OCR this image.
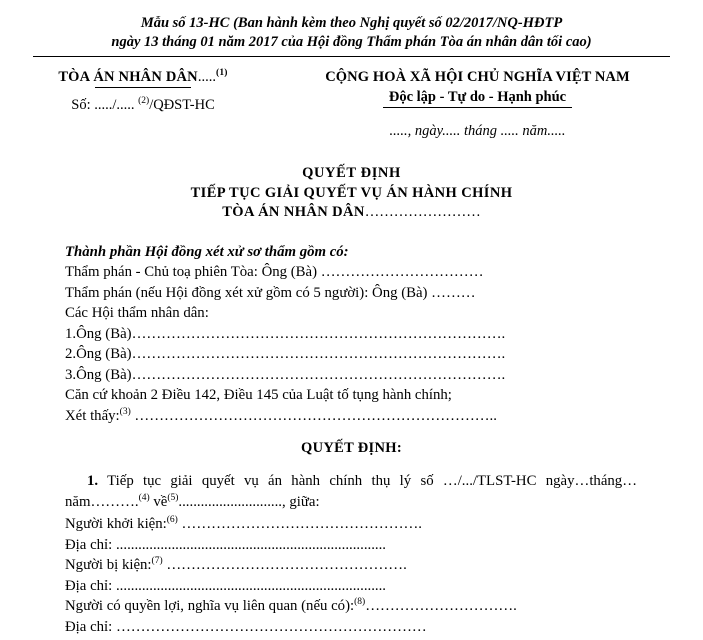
Mẫu số 13-HC (Ban hành kèm theo Nghị quyết số 02/2017/NQ-HĐTP
ngày 13 tháng 01 năm 2017 của Hội đồng Thẩm phán Tòa án nhân dân tối cao)
TÒA ÁN NHÂN DÂN.....$^{(1)}$
Số: ...../..... $^{(2)}$/QĐST-HC
CỘNG HOÀ XÃ HỘI CHỦ NGHĨA VIỆT NAM
Độc lập - Tự do - Hạnh phúc
....., ngày..... tháng ..... năm.....
QUYẾT ĐỊNH
TIẾP TỤC GIẢI QUYẾT VỤ ÁN HÀNH CHÍNH
TÒA ÁN NHÂN DÂN……………………

Thành phần Hội đồng xét xử sơ thẩm gồm có:

Thẩm phán - Chủ toạ phiên Tòa: Ông (Bà) ……………………………

Thẩm phán (nếu Hội đồng xét xử gồm có 5 người): Ông (Bà) ………

Các Hội thẩm nhân dân:

1.Ông (Bà)………………………………………………………………….

2.Ông (Bà)………………………………………………………………….

3.Ông (Bà)………………………………………………………………….

Căn cứ khoản 2 Điều 142, Điều 145 của Luật tố tụng hành chính;

Xét thấy:$^{(3)}$ ………………………………………………………………..

QUYẾT ĐỊNH:
1. Tiếp tục giải quyết vụ án hành chính thụ lý số …/.../TLST-HC ngày…tháng…năm……….$^{(4)}$ về$^{(5)}$............................, giữa:

Người khởi kiện:$^{(6)}$ ………………………………………….

Địa chỉ: .........................................................................

Người bị kiện:$^{(7)}$ ………………………………………….

Địa chỉ: .........................................................................

Người có quyền lợi, nghĩa vụ liên quan (nếu có):$^{(8)}$………………………….

Địa chỉ: ………………………………………………………
